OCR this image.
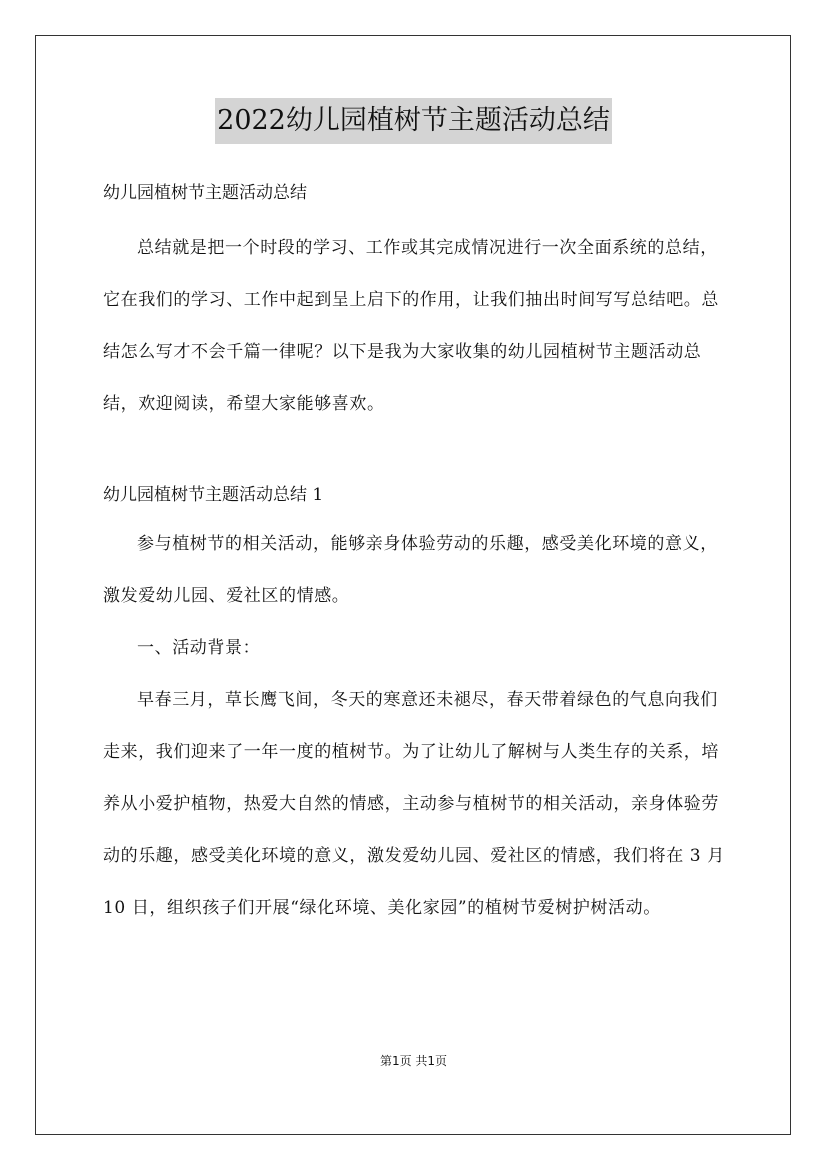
2022幼儿园植树节主题活动总结

幼儿园植树节主题活动总结

总结就是把一个时段的学习、工作或其完成情况进行一次全面系统的总结，它在我们的学习、工作中起到呈上启下的作用，让我们抽出时间写写总结吧。总结怎么写才不会千篇一律呢？以下是我为大家收集的幼儿园植树节主题活动总结，欢迎阅读，希望大家能够喜欢。

幼儿园植树节主题活动总结 1

参与植树节的相关活动，能够亲身体验劳动的乐趣，感受美化环境的意义，激发爱幼儿园、爱社区的情感。

一、活动背景：

早春三月，草长鹰飞间，冬天的寒意还未褪尽，春天带着绿色的气息向我们走来，我们迎来了一年一度的植树节。为了让幼儿了解树与人类生存的关系，培养从小爱护植物，热爱大自然的情感，主动参与植树节的相关活动，亲身体验劳动的乐趣，感受美化环境的意义，激发爱幼儿园、爱社区的情感，我们将在 3 月 10 日，组织孩子们开展“绿化环境、美化家园”的植树节爱树护树活动。

第1页 共1页
